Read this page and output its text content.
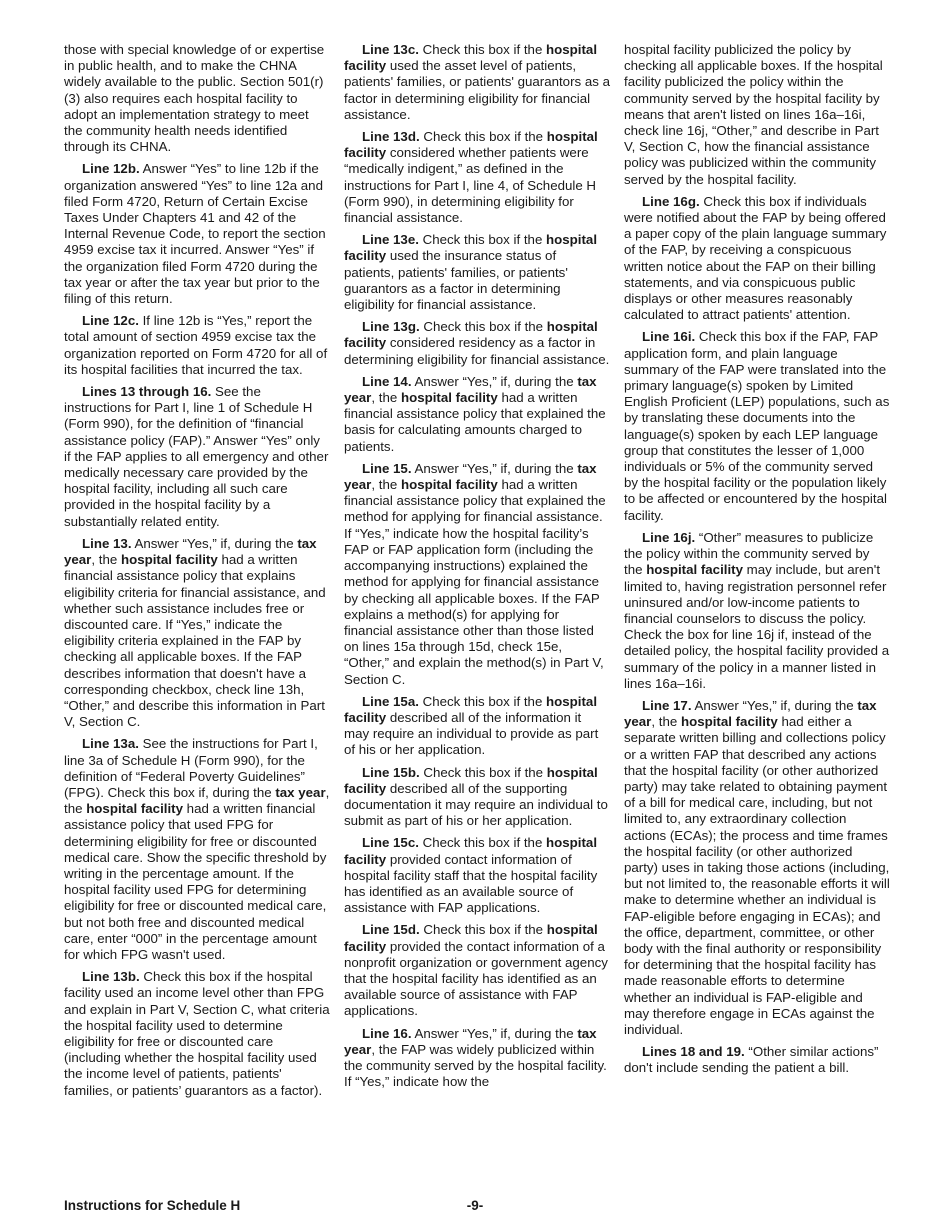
those with special knowledge of or expertise in public health, and to make the CHNA widely available to the public. Section 501(r)(3) also requires each hospital facility to adopt an implementation strategy to meet the community health needs identified through its CHNA.

Line 12b. Answer “Yes” to line 12b if the organization answered “Yes” to line 12a and filed Form 4720, Return of Certain Excise Taxes Under Chapters 41 and 42 of the Internal Revenue Code, to report the section 4959 excise tax it incurred. Answer “Yes” if the organization filed Form 4720 during the tax year or after the tax year but prior to the filing of this return.

Line 12c. If line 12b is “Yes,” report the total amount of section 4959 excise tax the organization reported on Form 4720 for all of its hospital facilities that incurred the tax.

Lines 13 through 16. See the instructions for Part I, line 1 of Schedule H (Form 990), for the definition of “financial assistance policy (FAP).” Answer “Yes” only if the FAP applies to all emergency and other medically necessary care provided by the hospital facility, including all such care provided in the hospital facility by a substantially related entity.

Line 13. Answer “Yes,” if, during the tax year, the hospital facility had a written financial assistance policy that explains eligibility criteria for financial assistance, and whether such assistance includes free or discounted care. If “Yes,” indicate the eligibility criteria explained in the FAP by checking all applicable boxes. If the FAP describes information that doesn't have a corresponding checkbox, check line 13h, “Other,” and describe this information in Part V, Section C.

Line 13a. See the instructions for Part I, line 3a of Schedule H (Form 990), for the definition of “Federal Poverty Guidelines” (FPG). Check this box if, during the tax year, the hospital facility had a written financial assistance policy that used FPG for determining eligibility for free or discounted medical care. Show the specific threshold by writing in the percentage amount. If the hospital facility used FPG for determining eligibility for free or discounted medical care, but not both free and discounted medical care, enter “000” in the percentage amount for which FPG wasn't used.

Line 13b. Check this box if the hospital facility used an income level other than FPG and explain in Part V, Section C, what criteria the hospital facility used to determine eligibility for free or discounted care (including whether the hospital facility used the income level of patients, patients' families, or patients’ guarantors as a factor).

Line 13c. Check this box if the hospital facility used the asset level of patients, patients' families, or patients' guarantors as a factor in determining eligibility for financial assistance.

Line 13d. Check this box if the hospital facility considered whether patients were “medically indigent,” as defined in the instructions for Part I, line 4, of Schedule H (Form 990), in determining eligibility for financial assistance.

Line 13e. Check this box if the hospital facility used the insurance status of patients, patients' families, or patients' guarantors as a factor in determining eligibility for financial assistance.

Line 13g. Check this box if the hospital facility considered residency as a factor in determining eligibility for financial assistance.

Line 14. Answer “Yes,” if, during the tax year, the hospital facility had a written financial assistance policy that explained the basis for calculating amounts charged to patients.

Line 15. Answer “Yes,” if, during the tax year, the hospital facility had a written financial assistance policy that explained the method for applying for financial assistance. If “Yes,” indicate how the hospital facility’s FAP or FAP application form (including the accompanying instructions) explained the method for applying for financial assistance by checking all applicable boxes. If the FAP explains a method(s) for applying for financial assistance other than those listed on lines 15a through 15d, check 15e, “Other,” and explain the method(s) in Part V, Section C.

Line 15a. Check this box if the hospital facility described all of the information it may require an individual to provide as part of his or her application.

Line 15b. Check this box if the hospital facility described all of the supporting documentation it may require an individual to submit as part of his or her application.

Line 15c. Check this box if the hospital facility provided contact information of hospital facility staff that the hospital facility has identified as an available source of assistance with FAP applications.

Line 15d. Check this box if the hospital facility provided the contact information of a nonprofit organization or government agency that the hospital facility has identified as an available source of assistance with FAP applications.

Line 16. Answer “Yes,” if, during the tax year, the FAP was widely publicized within the community served by the hospital facility. If “Yes,” indicate how the

hospital facility publicized the policy by checking all applicable boxes. If the hospital facility publicized the policy within the community served by the hospital facility by means that aren't listed on lines 16a–16i, check line 16j, “Other,” and describe in Part V, Section C, how the financial assistance policy was publicized within the community served by the hospital facility.

Line 16g. Check this box if individuals were notified about the FAP by being offered a paper copy of the plain language summary of the FAP, by receiving a conspicuous written notice about the FAP on their billing statements, and via conspicuous public displays or other measures reasonably calculated to attract patients' attention.

Line 16i. Check this box if the FAP, FAP application form, and plain language summary of the FAP were translated into the primary language(s) spoken by Limited English Proficient (LEP) populations, such as by translating these documents into the language(s) spoken by each LEP language group that constitutes the lesser of 1,000 individuals or 5% of the community served by the hospital facility or the population likely to be affected or encountered by the hospital facility.

Line 16j. “Other” measures to publicize the policy within the community served by the hospital facility may include, but aren't limited to, having registration personnel refer uninsured and/or low-income patients to financial counselors to discuss the policy. Check the box for line 16j if, instead of the detailed policy, the hospital facility provided a summary of the policy in a manner listed in lines 16a–16i.

Line 17. Answer “Yes,” if, during the tax year, the hospital facility had either a separate written billing and collections policy or a written FAP that described any actions that the hospital facility (or other authorized party) may take related to obtaining payment of a bill for medical care, including, but not limited to, any extraordinary collection actions (ECAs); the process and time frames the hospital facility (or other authorized party) uses in taking those actions (including, but not limited to, the reasonable efforts it will make to determine whether an individual is FAP-eligible before engaging in ECAs); and the office, department, committee, or other body with the final authority or responsibility for determining that the hospital facility has made reasonable efforts to determine whether an individual is FAP-eligible and may therefore engage in ECAs against the individual.

Lines 18 and 19. “Other similar actions” don't include sending the patient a bill.

Instructions for Schedule H	-9-
